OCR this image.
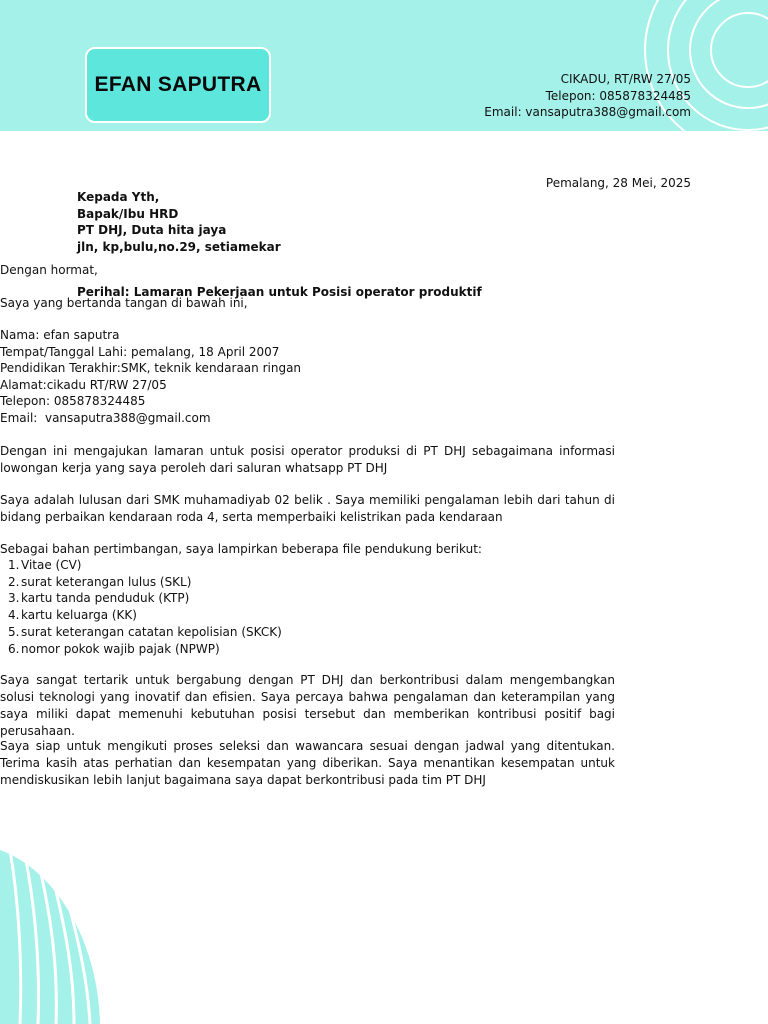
EFAN SAPUTRA	CIKADU, RT/RW 27/05
Telepon: 085878324485
Email: vansaputra388@gmail.com
Pemalang, 28 Mei, 2025
Kepada Yth,
Bapak/Ibu HRD
PT DHJ, Duta hita jaya
jln, kp,bulu,no.29, setiamekar
Dengan hormat,
Perihal: Lamaran Pekerjaan untuk Posisi operator produktif
Saya yang bertanda tangan di bawah ini,
Nama: efan saputra
Tempat/Tanggal Lahi: pemalang, 18 April 2007
Pendidikan Terakhir:SMK, teknik kendaraan ringan
Alamat:cikadu RT/RW 27/05
Telepon: 085878324485
Email:  vansaputra388@gmail.com
Dengan ini mengajukan lamaran untuk posisi operator produksi di PT DHJ sebagaimana informasi lowongan kerja yang saya peroleh dari saluran whatsapp PT DHJ
Saya adalah lulusan dari SMK muhamadiyab 02 belik . Saya memiliki pengalaman lebih dari tahun di bidang perbaikan kendaraan roda 4, serta memperbaiki kelistrikan pada kendaraan
Sebagai bahan pertimbangan, saya lampirkan beberapa file pendukung berikut:
1. Vitae (CV)
2. surat keterangan lulus (SKL)
3. kartu tanda penduduk (KTP)
4. kartu keluarga (KK)
5. surat keterangan catatan kepolisian (SKCK)
6. nomor pokok wajib pajak (NPWP)
Saya sangat tertarik untuk bergabung dengan PT DHJ dan berkontribusi dalam mengembangkan solusi teknologi yang inovatif dan efisien. Saya percaya bahwa pengalaman dan keterampilan yang saya miliki dapat memenuhi kebutuhan posisi tersebut dan memberikan kontribusi positif bagi perusahaan.
Saya siap untuk mengikuti proses seleksi dan wawancara sesuai dengan jadwal yang ditentukan. Terima kasih atas perhatian dan kesempatan yang diberikan. Saya menantikan kesempatan untuk mendiskusikan lebih lanjut bagaimana saya dapat berkontribusi pada tim PT DHJ
